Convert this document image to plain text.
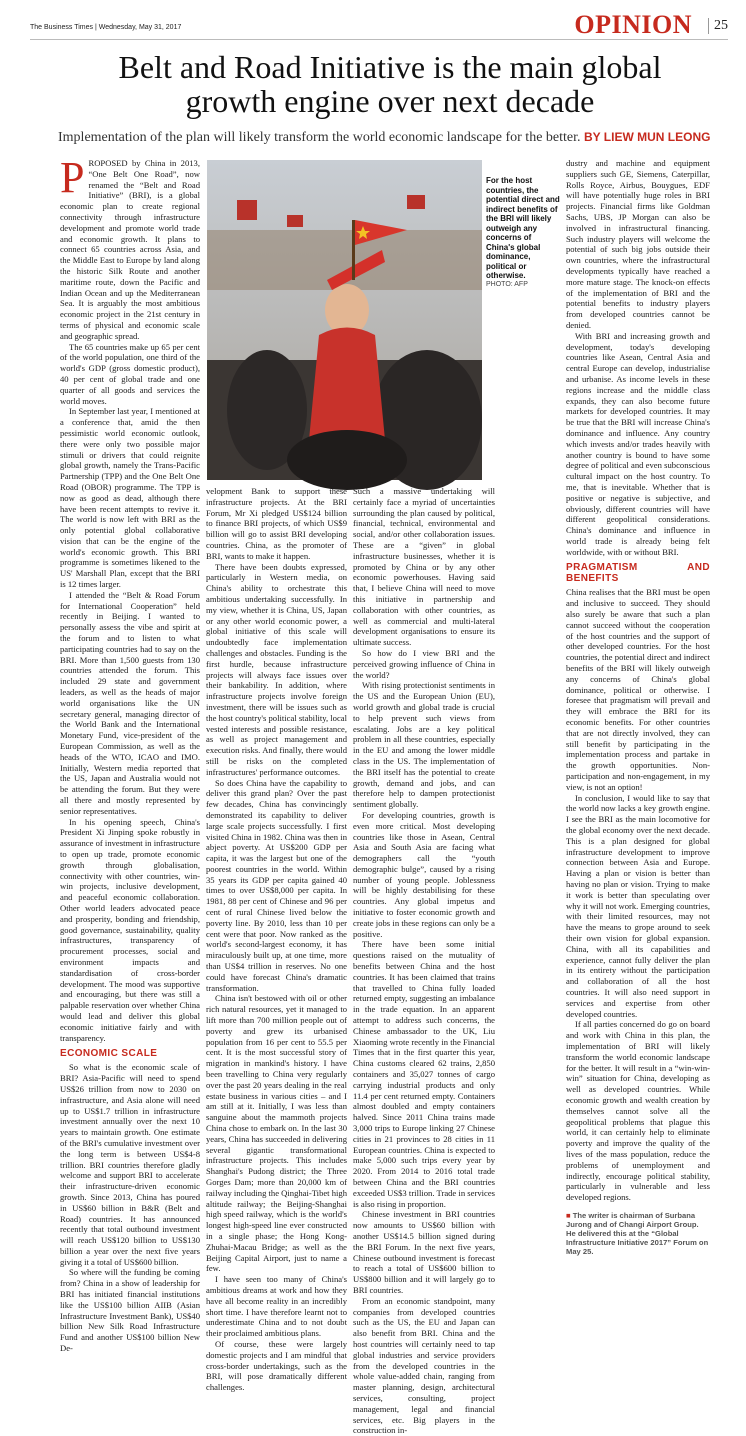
The Business Times | Wednesday, May 31, 2017	OPINION	25
Belt and Road Initiative is the main global growth engine over next decade
Implementation of the plan will likely transform the world economic landscape for the better. BY LIEW MUN LEONG

PROPOSED by China in 2013, “One Belt One Road”, now renamed the “Belt and Road Initiative” (BRI), is a global economic plan to create regional connectivity through infrastructure development and promote world trade and economic growth. It plans to connect 65 countries across Asia, and the Middle East to Europe by land along the historic Silk Route and another maritime route, down the Pacific and Indian Ocean and up the Mediterranean Sea. It is arguably the most ambitious economic project in the 21st century in terms of physical and economic scale and geographic spread.

The 65 countries make up 65 per cent of the world population, one third of the world's GDP (gross domestic product), 40 per cent of global trade and one quarter of all goods and services the world moves.

In September last year, I mentioned at a conference that, amid the then pessimistic world economic outlook, there were only two possible major stimuli or drivers that could reignite global growth, namely the Trans-Pacific Partnership (TPP) and the One Belt One Road (OBOR) programme. The TPP is now as good as dead, although there have been recent attempts to revive it. The world is now left with BRI as the only potential global collaborative vision that can be the engine of the world's economic growth. This BRI programme is sometimes likened to the US' Marshall Plan, except that the BRI is 12 times larger.

I attended the “Belt & Road Forum for International Cooperation” held recently in Beijing. I wanted to personally assess the vibe and spirit at the forum and to listen to what participating countries had to say on the BRI. More than 1,500 guests from 130 countries attended the forum. This included 29 state and government leaders, as well as the heads of major world organisations like the UN secretary general, managing director of the World Bank and the International Monetary Fund, vice-president of the European Commission, as well as the heads of the WTO, ICAO and IMO. Initially, Western media reported that the US, Japan and Australia would not be attending the forum. But they were all there and mostly represented by senior representatives.

In his opening speech, China's President Xi Jinping spoke robustly in assurance of investment in infrastructure to open up trade, promote economic growth through globalisation, connectivity with other countries, win-win projects, inclusive development, and peaceful economic collaboration. Other world leaders advocated peace and prosperity, bonding and friendship, good governance, sustainability, quality infrastructures, transparency of procurement processes, social and environment impacts and standardisation of cross-border development. The mood was supportive and encouraging, but there was still a palpable reservation over whether China would lead and deliver this global economic initiative fairly and with transparency.

ECONOMIC SCALE

So what is the economic scale of BRI? Asia-Pacific will need to spend US$26 trillion from now to 2030 on infrastructure, and Asia alone will need up to US$1.7 trillion in infrastructure investment annually over the next 10 years to maintain growth. One estimate of the BRI's cumulative investment over the long term is between US$4-8 trillion. BRI countries therefore gladly welcome and support BRI to accelerate their infrastructure-driven economic growth. Since 2013, China has poured in US$60 billion in B&R (Belt and Road) countries. It has announced recently that total outbound investment will reach US$120 billion to US$130 billion a year over the next five years giving it a total of US$600 billion.

So where will the funding be coming from? China in a show of leadership for BRI has initiated financial institutions like the US$100 billion AIIB (Asian Infrastructure Investment Bank), US$40 billion New Silk Road Infrastructure Fund and another US$100 billion New De-

For the host countries, the potential direct and indirect benefits of the BRI will likely outweigh any concerns of China's global dominance, political or otherwise.
PHOTO: AFP

velopment Bank to support these infrastructure projects. At the BRI Forum, Mr Xi pledged US$124 billion to finance BRI projects, of which US$9 billion will go to assist BRI developing countries. China, as the promoter of BRI, wants to make it happen.

There have been doubts expressed, particularly in Western media, on China's ability to orchestrate this ambitious undertaking successfully. In my view, whether it is China, US, Japan or any other world economic power, a global initiative of this scale will undoubtedly face implementation challenges and obstacles. Funding is the first hurdle, because infrastructure projects will always face issues over their bankability. In addition, where infrastructure projects involve foreign investment, there will be issues such as the host country's political stability, local vested interests and possible resistance, as well as project management and execution risks. And finally, there would still be risks on the completed infrastructures' performance outcomes.

So does China have the capability to deliver this grand plan? Over the past few decades, China has convincingly demonstrated its capability to deliver large scale projects successfully. I first visited China in 1982. China was then in abject poverty. At US$200 GDP per capita, it was the largest but one of the poorest countries in the world. Within 35 years its GDP per capita gained 40 times to over US$8,000 per capita. In 1981, 88 per cent of Chinese and 96 per cent of rural Chinese lived below the poverty line. By 2010, less than 10 per cent were that poor. Now ranked as the world's second-largest economy, it has miraculously built up, at one time, more than US$4 trillion in reserves. No one could have forecast China's dramatic transformation.

China isn't bestowed with oil or other rich natural resources, yet it managed to lift more than 700 million people out of poverty and grew its urbanised population from 16 per cent to 55.5 per cent. It is the most successful story of migration in mankind's history. I have been travelling to China very regularly over the past 20 years dealing in the real estate business in various cities – and I am still at it. Initially, I was less than sanguine about the mammoth projects China chose to embark on. In the last 30 years, China has succeeded in delivering several gigantic transformational infrastructure projects. This includes Shanghai's Pudong district; the Three Gorges Dam; more than 20,000 km of railway including the Qinghai-Tibet high altitude railway; the Beijing-Shanghai high speed railway, which is the world's longest high-speed line ever constructed in a single phase; the Hong Kong-Zhuhai-Macau Bridge; as well as the Beijing Capital Airport, just to name a few.

I have seen too many of China's ambitious dreams at work and how they have all become reality in an incredibly short time. I have therefore learnt not to underestimate China and to not doubt their proclaimed ambitious plans.

Of course, these were largely domestic projects and I am mindful that cross-border undertakings, such as the BRI, will pose dramatically different challenges.

Such a massive undertaking will certainly face a myriad of uncertainties surrounding the plan caused by political, financial, technical, environmental and social, and/or other collaboration issues. These are a “given” in global infrastructure businesses, whether it is promoted by China or by any other economic powerhouses. Having said that, I believe China will need to move this initiative in partnership and collaboration with other countries, as well as commercial and multi-lateral development organisations to ensure its ultimate success.

So how do I view BRI and the perceived growing influence of China in the world?

With rising protectionist sentiments in the US and the European Union (EU), world growth and global trade is crucial to help prevent such views from escalating. Jobs are a key political problem in all these countries, especially in the EU and among the lower middle class in the US. The implementation of the BRI itself has the potential to create growth, demand and jobs, and can therefore help to dampen protectionist sentiment globally.

For developing countries, growth is even more critical. Most developing countries like those in Asean, Central Asia and South Asia are facing what demographers call the “youth demographic bulge”, caused by a rising number of young people. Joblessness will be highly destabilising for these countries. Any global impetus and initiative to foster economic growth and create jobs in these regions can only be a positive.

There have been some initial questions raised on the mutuality of benefits between China and the host countries. It has been claimed that trains that travelled to China fully loaded returned empty, suggesting an imbalance in the trade equation. In an apparent attempt to address such concerns, the Chinese ambassador to the UK, Liu Xiaoming wrote recently in the Financial Times that in the first quarter this year, China customs cleared 62 trains, 2,850 containers and 35,027 tonnes of cargo carrying industrial products and only 11.4 per cent returned empty. Containers almost doubled and empty containers halved. Since 2011 China trains made 3,000 trips to Europe linking 27 Chinese cities in 21 provinces to 28 cities in 11 European countries. China is expected to make 5,000 such trips every year by 2020. From 2014 to 2016 total trade between China and the BRI countries exceeded US$3 trillion. Trade in services is also rising in proportion.

Chinese investment in BRI countries now amounts to US$60 billion with another US$14.5 billion signed during the BRI Forum. In the next five years, Chinese outbound investment is forecast to reach a total of US$600 billion to US$800 billion and it will largely go to BRI countries.

From an economic standpoint, many companies from developed countries such as the US, the EU and Japan can also benefit from BRI. China and the host countries will certainly need to tap global industries and service providers from the developed countries in the whole value-added chain, ranging from master planning, design, architectural services, consulting, project management, legal and financial services, etc. Big players in the construction in-

dustry and machine and equipment suppliers such GE, Siemens, Caterpillar, Rolls Royce, Airbus, Bouygues, EDF will have potentially huge roles in BRI projects. Financial firms like Goldman Sachs, UBS, JP Morgan can also be involved in infrastructural financing. Such industry players will welcome the potential of such big jobs outside their own countries, where the infrastructural developments typically have reached a more mature stage. The knock-on effects of the implementation of BRI and the potential benefits to industry players from developed countries cannot be denied.

With BRI and increasing growth and development, today's developing countries like Asean, Central Asia and central Europe can develop, industrialise and urbanise. As income levels in these regions increase and the middle class expands, they can also become future markets for developed countries. It may be true that the BRI will increase China's dominance and influence. Any country which invests and/or trades heavily with another country is bound to have some degree of political and even subconscious cultural impact on the host country. To me, that is inevitable. Whether that is positive or negative is subjective, and obviously, different countries will have different geopolitical considerations. China's dominance and influence in world trade is already being felt worldwide, with or without BRI.

PRAGMATISM AND BENEFITS

China realises that the BRI must be open and inclusive to succeed. They should also surely be aware that such a plan cannot succeed without the cooperation of the host countries and the support of other developed countries. For the host countries, the potential direct and indirect benefits of the BRI will likely outweigh any concerns of China's global dominance, political or otherwise. I foresee that pragmatism will prevail and they will embrace the BRI for its economic benefits. For other countries that are not directly involved, they can still benefit by participating in the implementation process and partake in the growth opportunities. Non-participation and non-engagement, in my view, is not an option!

In conclusion, I would like to say that the world now lacks a key growth engine. I see the BRI as the main locomotive for the global economy over the next decade. This is a plan designed for global infrastructure development to improve connection between Asia and Europe. Having a plan or vision is better than having no plan or vision. Trying to make it work is better than speculating over why it will not work. Emerging countries, with their limited resources, may not have the means to grope around to seek their own vision for global expansion. China, with all its capabilities and experience, cannot fully deliver the plan in its entirety without the participation and collaboration of all the host countries. It will also need support in services and expertise from other developed countries.

If all parties concerned do go on board and work with China in this plan, the implementation of BRI will likely transform the world economic landscape for the better. It will result in a “win-win-win” situation for China, developing as well as developed countries. While economic growth and wealth creation by themselves cannot solve all the geopolitical problems that plague this world, it can certainly help to eliminate poverty and improve the quality of the lives of the mass population, reduce the problems of unemployment and indirectly, encourage political stability, particularly in vulnerable and less developed regions.

■ The writer is chairman of Surbana Jurong and of Changi Airport Group. He delivered this at the “Global Infrastructure Initiative 2017” Forum on May 25.
